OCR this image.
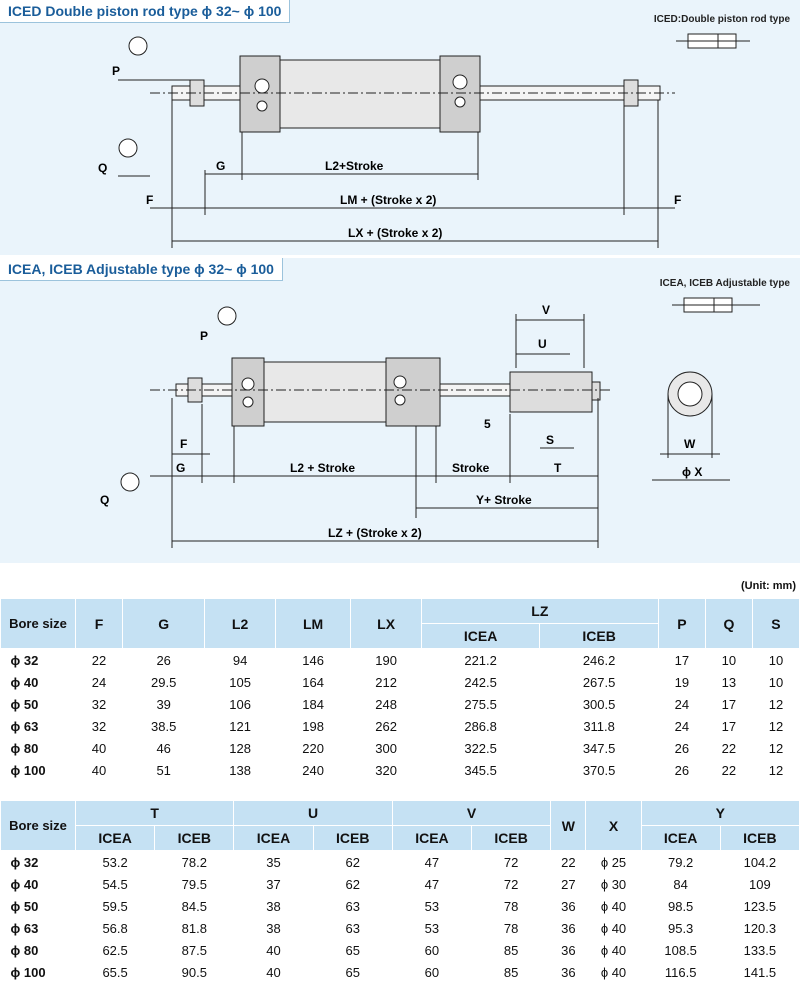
ICED Double piston rod type ϕ 32~ ϕ 100
ICED:Double piston rod type
P
Q	G	L2+Stroke
F	F
LM + (Stroke x 2)
LX + (Stroke x 2)
ICEA, ICEB Adjustable type ϕ 32~ ϕ 100
ICEA, ICEB Adjustable type
P
Q
F
G	L2 + Stroke	Stroke
Y+ Stroke
LZ + (Stroke x 2)
V
U
5
S
T
W
ϕ X
(Unit: mm)
Bore size	F	G	L2	LM	LX	LZ		P	Q	S
						ICEA	ICEB			
ϕ 32	22	26	94	146	190	221.2	246.2	17	10	10
ϕ 40	24	29.5	105	164	212	242.5	267.5	19	13	10
ϕ 50	32	39	106	184	248	275.5	300.5	24	17	12
ϕ 63	32	38.5	121	198	262	286.8	311.8	24	17	12
ϕ 80	40	46	128	220	300	322.5	347.5	26	22	12
ϕ 100	40	51	138	240	320	345.5	370.5	26	22	12
Bore size	T		U		V		W	X	Y	
	ICEA	ICEB	ICEA	ICEB	ICEA	ICEB			ICEA	ICEB
ϕ 32	53.2	78.2	35	62	47	72	22	ϕ 25	79.2	104.2
ϕ 40	54.5	79.5	37	62	47	72	27	ϕ 30	84	109
ϕ 50	59.5	84.5	38	63	53	78	36	ϕ 40	98.5	123.5
ϕ 63	56.8	81.8	38	63	53	78	36	ϕ 40	95.3	120.3
ϕ 80	62.5	87.5	40	65	60	85	36	ϕ 40	108.5	133.5
ϕ 100	65.5	90.5	40	65	60	85	36	ϕ 40	116.5	141.5
